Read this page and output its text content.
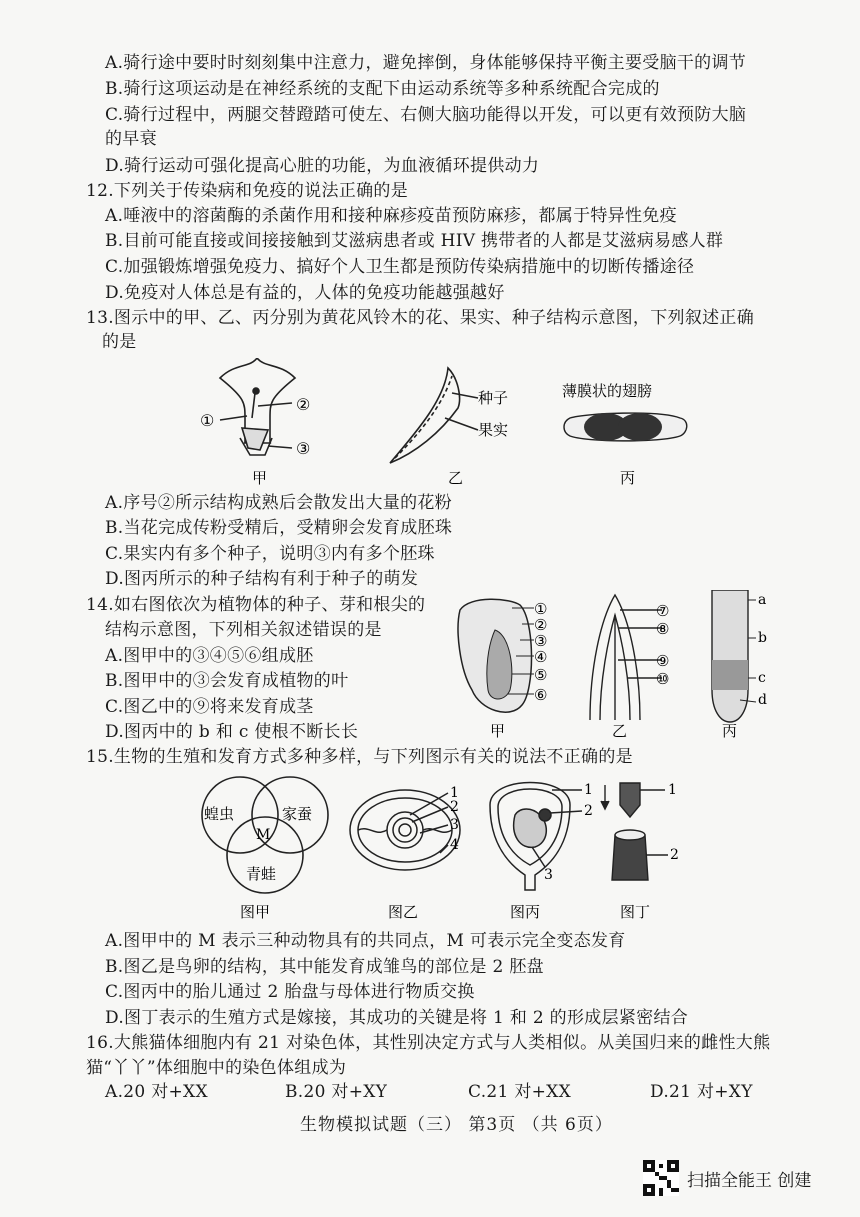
A.骑行途中要时时刻刻集中注意力，避免摔倒，身体能够保持平衡主要受脑干的调节
B.骑行这项运动是在神经系统的支配下由运动系统等多种系统配合完成的
C.骑行过程中，两腿交替蹬踏可使左、右侧大脑功能得以开发，可以更有效预防大脑
的早衰
D.骑行运动可强化提高心脏的功能，为血液循环提供动力
12.下列关于传染病和免疫的说法正确的是
A.唾液中的溶菌酶的杀菌作用和接种麻疹疫苗预防麻疹，都属于特异性免疫
B.目前可能直接或间接接触到艾滋病患者或 HIV 携带者的人都是艾滋病易感人群
C.加强锻炼增强免疫力、搞好个人卫生都是预防传染病措施中的切断传播途径
D.免疫对人体总是有益的，人体的免疫功能越强越好
13.图示中的甲、乙、丙分别为黄花风铃木的花、果实、种子结构示意图，下列叙述正确
的是
①
②
③
甲
种子
果实
乙
薄膜状的翅膀
丙
A.序号②所示结构成熟后会散发出大量的花粉
B.当花完成传粉受精后，受精卵会发育成胚珠
C.果实内有多个种子，说明③内有多个胚珠
D.图丙所示的种子结构有利于种子的萌发
14.如右图依次为植物体的种子、芽和根尖的
结构示意图，下列相关叙述错误的是
A.图甲中的③④⑤⑥组成胚
B.图甲中的③会发育成植物的叶
C.图乙中的⑨将来发育成茎
D.图丙中的 b 和 c 使根不断长长
①
②
③
④
⑤
⑥
甲
⑦
⑧
⑨
⑩
乙
a
b
c
d
丙
15.生物的生殖和发育方式多种多样，与下列图示有关的说法不正确的是
蝗虫	家蚕
青蛙
M
图甲
1
2
3
4
图乙
1
2
3
图丙
1
2
图丁
A.图甲中的 M 表示三种动物具有的共同点，M 可表示完全变态发育
B.图乙是鸟卵的结构，其中能发育成雏鸟的部位是 2 胚盘
C.图丙中的胎儿通过 2 胎盘与母体进行物质交换
D.图丁表示的生殖方式是嫁接，其成功的关键是将 1 和 2 的形成层紧密结合
16.大熊猫体细胞内有 21 对染色体，其性别决定方式与人类相似。从美国归来的雌性大熊
猫“丫丫”体细胞中的染色体组成为
A.20 对+XX	B.20 对+XY	C.21 对+XX	D.21 对+XY
生物模拟试题（三） 第3页 （共 6页）
扫描全能王 创建
